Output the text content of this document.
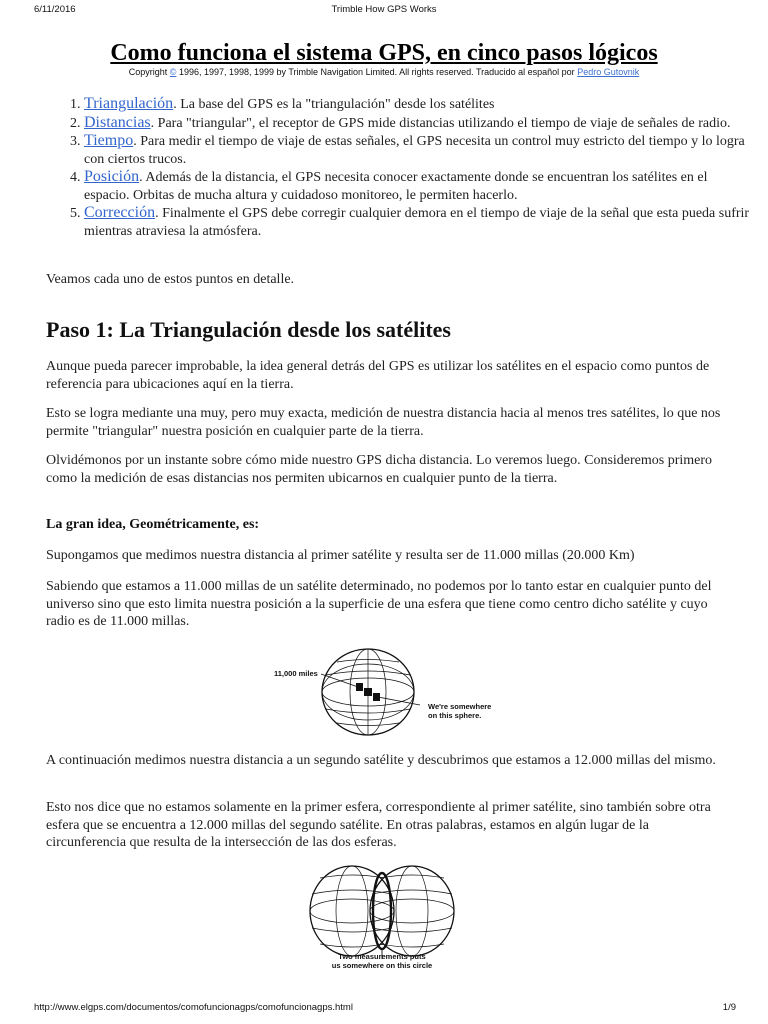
6/11/2016	Trimble How GPS Works
Como funciona el sistema GPS, en cinco pasos lógicos
Copyright © 1996, 1997, 1998, 1999 by Trimble Navigation Limited. All rights reserved. Traducido al español por Pedro Gutovnik
1. Triangulación. La base del GPS es la "triangulación" desde los satélites
2. Distancias. Para "triangular", el receptor de GPS mide distancias utilizando el tiempo de viaje de señales de radio.
3. Tiempo. Para medir el tiempo de viaje de estas señales, el GPS necesita un control muy estricto del tiempo y lo logra con ciertos trucos.
4. Posición. Además de la distancia, el GPS necesita conocer exactamente donde se encuentran los satélites en el espacio. Orbitas de mucha altura y cuidadoso monitoreo, le permiten hacerlo.
5. Corrección. Finalmente el GPS debe corregir cualquier demora en el tiempo de viaje de la señal que esta pueda sufrir mientras atraviesa la atmósfera.

Veamos cada uno de estos puntos en detalle.

Paso 1: La Triangulación desde los satélites

Aunque pueda parecer improbable, la idea general detrás del GPS es utilizar los satélites en el espacio como puntos de referencia para ubicaciones aquí en la tierra.

Esto se logra mediante una muy, pero muy exacta, medición de nuestra distancia hacia al menos tres satélites, lo que nos permite "triangular" nuestra posición en cualquier parte de la tierra.

Olvidémonos por un instante sobre cómo mide nuestro GPS dicha distancia. Lo veremos luego. Consideremos primero como la medición de esas distancias nos permiten ubicarnos en cualquier punto de la tierra.

La gran idea, Geométricamente, es:

Supongamos que medimos nuestra distancia al primer satélite y resulta ser de 11.000 millas (20.000 Km)

Sabiendo que estamos a 11.000 millas de un satélite determinado, no podemos por lo tanto estar en cualquier punto del universo sino que esto limita nuestra posición a la superficie de una esfera que tiene como centro dicho satélite y cuyo radio es de 11.000 millas.

11,000 miles
We're somewhere
on this sphere.

A continuación medimos nuestra distancia a un segundo satélite y descubrimos que estamos a 12.000 millas del mismo.

Esto nos dice que no estamos solamente en la primer esfera, correspondiente al primer satélite, sino también sobre otra esfera que se encuentra a 12.000 millas del segundo satélite. En otras palabras, estamos en algún lugar de la circunferencia que resulta de la intersección de las dos esferas.

Two measurements puts
us somewhere on this circle
http://www.elgps.com/documentos/comofuncionagps/comofuncionagps.html	1/9
